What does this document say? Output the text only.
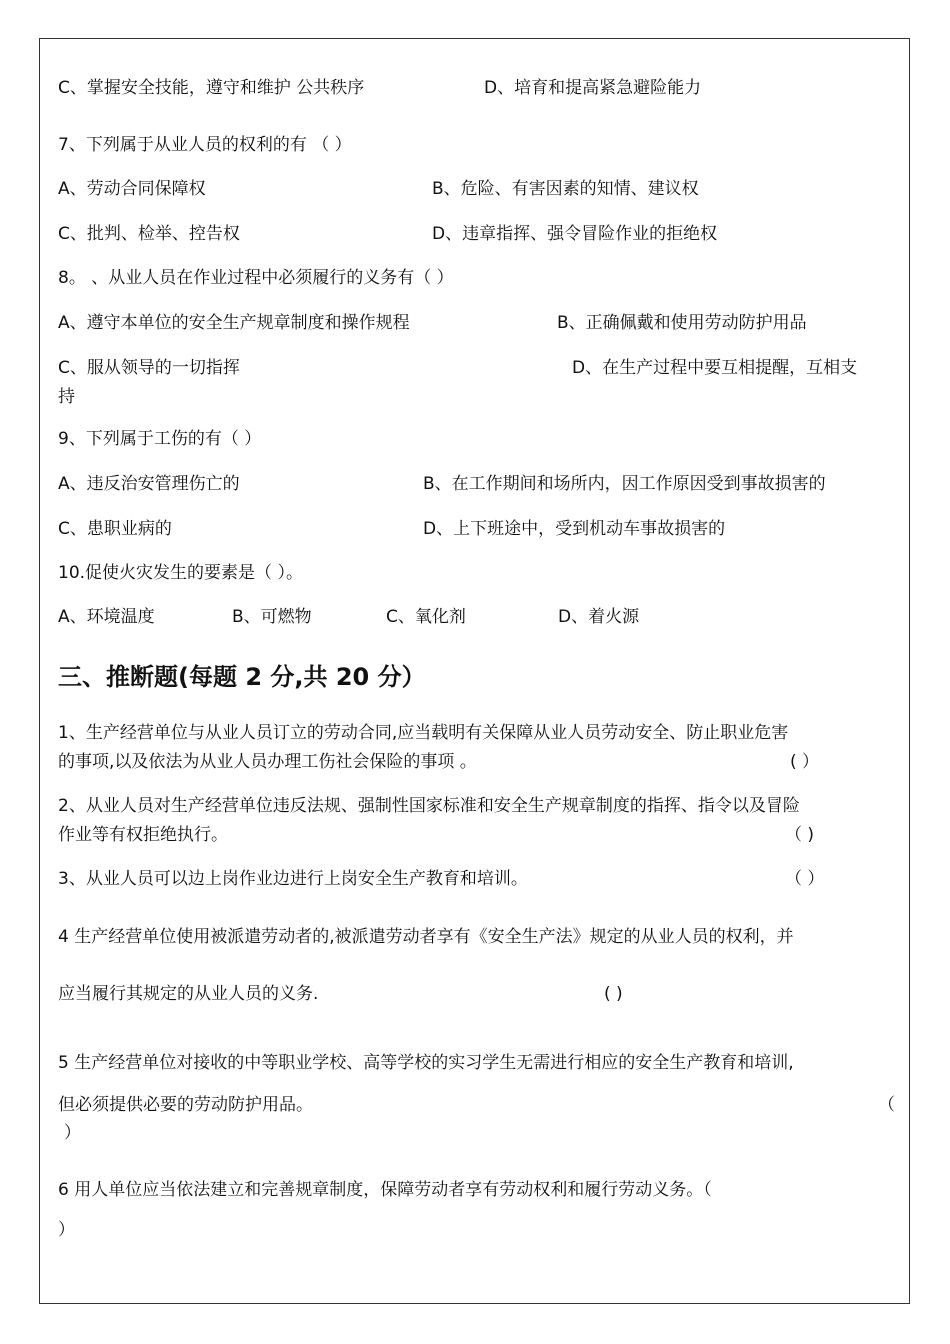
C、掌握安全技能，遵守和维护 公共秩序	D、培育和提高紧急避险能力
7、下列属于从业人员的权利的有 （ ）
A、劳动合同保障权	B、危险、有害因素的知情、建议权
C、批判、检举、控告权	D、违章指挥、强令冒险作业的拒绝权
8。 、从业人员在作业过程中必须履行的义务有（ ）
A、遵守本单位的安全生产规章制度和操作规程	B、正确佩戴和使用劳动防护用品
C、服从领导的一切指挥	D、在生产过程中要互相提醒，互相支
持
9、下列属于工伤的有（ ）
A、违反治安管理伤亡的	B、在工作期间和场所内，因工作原因受到事故损害的
C、患职业病的	D、上下班途中，受到机动车事故损害的
10.促使火灾发生的要素是（ ）。
A、环境温度	B、可燃物	C、氧化剂	D、着火源
三、推断题(每题 2 分,共 20 分）
1、生产经营单位与从业人员订立的劳动合同,应当载明有关保障从业人员劳动安全、防止职业危害
的事项,以及依法为从业人员办理工伤社会保险的事项 。	( ）
2、从业人员对生产经营单位违反法规、强制性国家标准和安全生产规章制度的指挥、指令以及冒险
作业等有权拒绝执行。	（ )
3、从业人员可以边上岗作业边进行上岗安全生产教育和培训。	（ ）
4 生产经营单位使用被派遣劳动者的,被派遣劳动者享有《安全生产法》规定的从业人员的权利，并
应当履行其规定的从业人员的义务.	( )
5 生产经营单位对接收的中等职业学校、高等学校的实习学生无需进行相应的安全生产教育和培训,
但必须提供必要的劳动防护用品。	（
）
6 用人单位应当依法建立和完善规章制度，保障劳动者享有劳动权利和履行劳动义务。（
）
